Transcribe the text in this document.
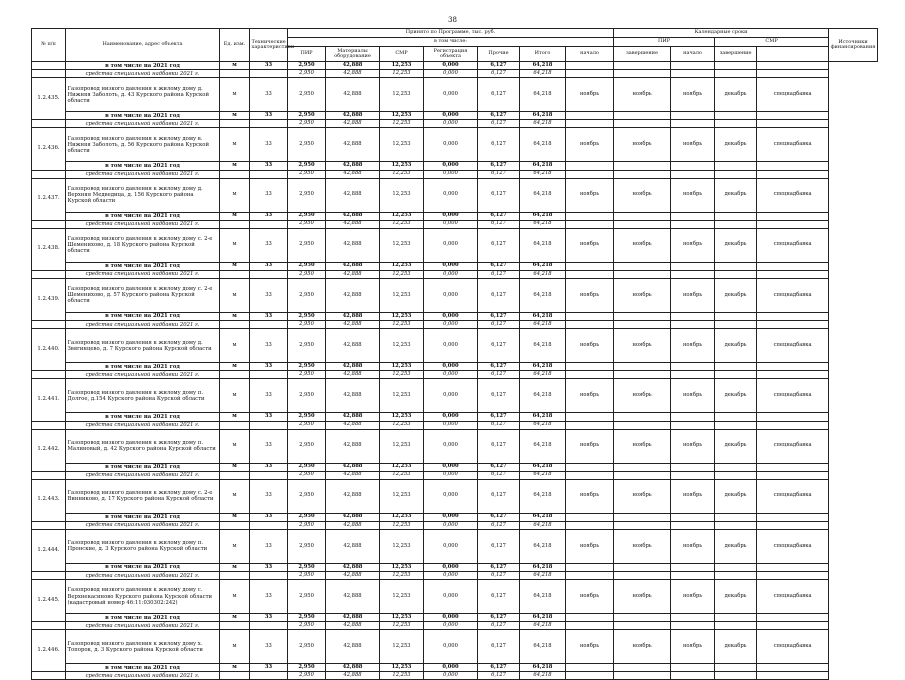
38
№ п/п	Наименование, адрес объекта	Ед. изм.	Технические характеристики	Принято по Программе, тыс. руб.							Календарные сроки				Источники финансирования
				в том числе:							ПИР		СМР		
				ПИР	Материалы оборудование	СМР	Регистрация объекта	Прочие	Итого	начало	завершение	начало	завершение		
	в том числе на 2021 год	м	33	2,950	42,888	12,253	0,000	6,127	64,218						
	средства специальной надбавки 2021 г.			2,950	42,888	12,253	0,000	6,127	64,218						
1.2.435.	Газопровод низкого давления к жилому дому д. Нижняя Заболоть, д. 43 Курского района Курской области	м	33	2,950	42,888	12,253	0,000	6,127	64,218	ноябрь	ноябрь	ноябрь	декабрь	спецнадбавка	
	в том числе на 2021 год	м	33	2,950	42,888	12,253	0,000	6,127	64,218						
	средства специальной надбавки 2021 г.			2,950	42,888	12,253	0,000	6,127	64,218						
1.2.436.	Газопровод низкого давления к жилому дому в. Нижняя Заболоть, д. 56 Курского района Курской области	м	33	2,950	42,888	12,253	0,000	6,127	64,218	ноябрь	ноябрь	ноябрь	декабрь	спецнадбавка	
	в том числе на 2021 год	м	33	2,950	42,888	12,253	0,000	6,127	64,218						
	средства специальной надбавки 2021 г.			2,950	42,888	12,253	0,000	6,127	64,218						
1.2.437.	Газопровод низкого давления к жилому дому д. Верхняя Медведица, д. 156 Курского района Курской области	м	33	2,950	42,888	12,253	0,000	6,127	64,218	ноябрь	ноябрь	ноябрь	декабрь	спецнадбавка	
	в том числе на 2021 год	м	33	2,950	42,888	12,253	0,000	6,127	64,218						
	средства специальной надбавки 2021 г.			2,950	42,888	12,253	0,000	6,127	64,218						
1.2.438.	Газопровод низкого давления к жилому дому с. 2-е Шеменихово, д. 18 Курского района Курской области	м	33	2,950	42,888	12,253	0,000	6,127	64,218	ноябрь	ноябрь	ноябрь	декабрь	спецнадбавка	
	в том числе на 2021 год	м	33	2,950	42,888	12,253	0,000	6,127	64,218						
	средства специальной надбавки 2021 г.			2,950	42,888	12,253	0,000	6,127	64,218						
1.2.439.	Газопровод низкого давления к жилому дому с. 2-е Шеменихово, д. 57 Курского района Курской области	м	33	2,950	42,888	12,253	0,000	6,127	64,218	ноябрь	ноябрь	ноябрь	декабрь	спецнадбавка	
	в том числе на 2021 год	м	33	2,950	42,888	12,253	0,000	6,127	64,218						
	средства специальной надбавки 2021 г.			2,950	42,888	12,253	0,000	6,127	64,218						
1.2.440.	Газопровод низкого давления к жилому дому д. Звягинцево, д. 7 Курского района Курской области	м	33	2,950	42,888	12,253	0,000	6,127	64,218	ноябрь	ноябрь	ноябрь	декабрь	спецнадбавка	
	в том числе на 2021 год	м	33	2,950	42,888	12,253	0,000	6,127	64,218						
	средства специальной надбавки 2021 г.			2,950	42,888	12,253	0,000	6,127	64,218						
1.2.441.	Газопровод низкого давления к жилому дому п. Долгое, д.154 Курского района Курской области	м	33	2,950	42,888	12,253	0,000	6,127	64,218	ноябрь	ноябрь	ноябрь	декабрь	спецнадбавка	
	в том числе на 2021 год	м	33	2,950	42,888	12,253	0,000	6,127	64,218						
	средства специальной надбавки 2021 г.			2,950	42,888	12,253	0,000	6,127	64,218						
1.2.442.	Газопровод низкого давления к жилому дому п. Малиновый, д. 42 Курского района Курской области	м	33	2,950	42,888	12,253	0,000	6,127	64,218	ноябрь	ноябрь	ноябрь	декабрь	спецнадбавка	
	в том числе на 2021 год	м	33	2,950	42,888	12,253	0,000	6,127	64,218						
	средства специальной надбавки 2021 г.			2,950	42,888	12,253	0,000	6,127	64,218						
1.2.443.	Газопровод низкого давления к жилому дому с. 2-е Винниково, д. 17 Курского района Курской области	м	33	2,950	42,888	12,253	0,000	6,127	64,218	ноябрь	ноябрь	ноябрь	декабрь	спецнадбавка	
	в том числе на 2021 год	м	33	2,950	42,888	12,253	0,000	6,127	64,218						
	средства специальной надбавки 2021 г.			2,950	42,888	12,253	0,000	6,127	64,218						
1.2.444.	Газопровод низкого давления к жилому дому п. Пронские, д. 3 Курского района Курской области	м	33	2,950	42,888	12,253	0,000	6,127	64,218	ноябрь	ноябрь	ноябрь	декабрь	спецнадбавка	
	в том числе на 2021 год	м	33	2,950	42,888	12,253	0,000	6,127	64,218						
	средства специальной надбавки 2021 г.			2,950	42,888	12,253	0,000	6,127	64,218						
1.2.445.	Газопровод низкого давления к жилому дому с. Верхнекасиново Курского района Курской области (кадастровый номер 46:11:030302:242)	м	33	2,950	42,888	12,253	0,000	6,127	64,218	ноябрь	ноябрь	ноябрь	декабрь	спецнадбавка	
	в том числе на 2021 год	м	33	2,950	42,888	12,253	0,000	6,127	64,218						
	средства специальной надбавки 2021 г.			2,950	42,888	12,253	0,000	6,127	64,218						
1.2.446.	Газопровод низкого давления к жилому дому х. Топорок, д. 3 Курского района Курской области	м	33	2,950	42,888	12,253	0,000	6,127	64,218	ноябрь	ноябрь	ноябрь	декабрь	спецнадбавка	
	в том числе на 2021 год	м	33	2,950	42,888	12,253	0,000	6,127	64,218						
	средства специальной надбавки 2021 г.			2,950	42,888	12,253	0,000	6,127	64,218						
